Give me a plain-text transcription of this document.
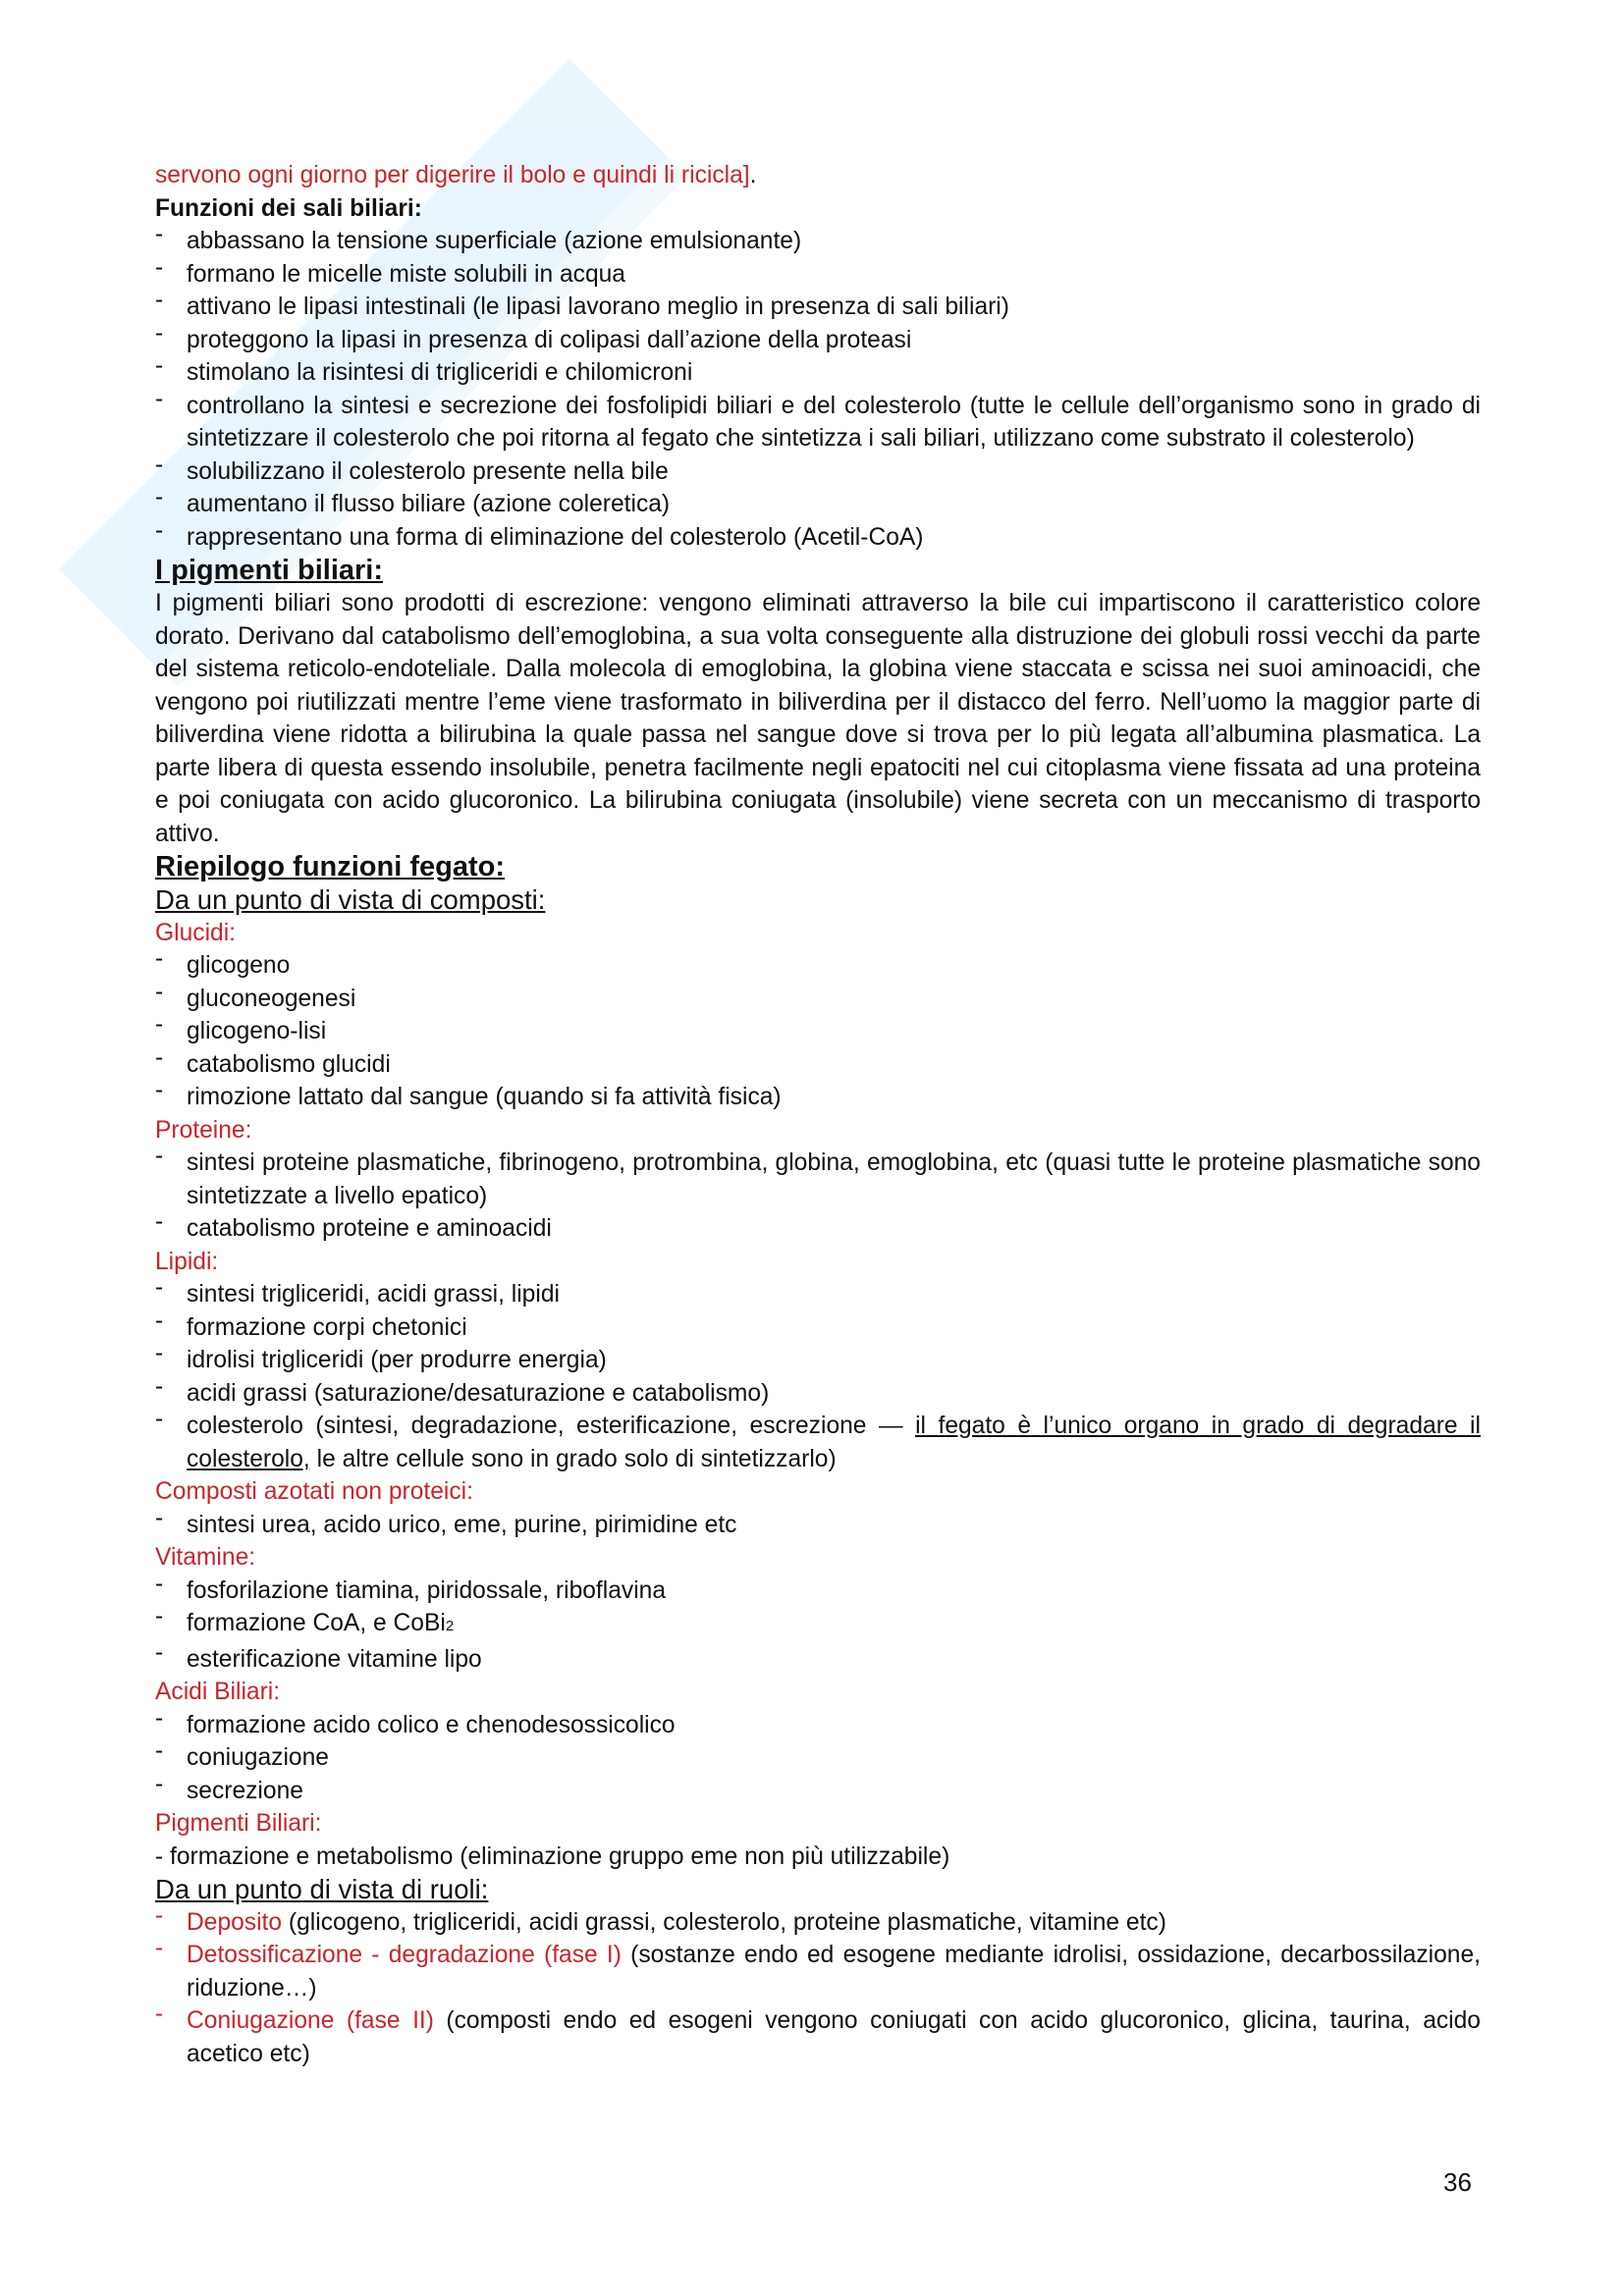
servono ogni giorno per digerire il bolo e quindi li ricicla].

Funzioni dei sali biliari:

- abbassano la tensione superficiale (azione emulsionante)
- formano le micelle miste solubili in acqua
- attivano le lipasi intestinali (le lipasi lavorano meglio in presenza di sali biliari)
- proteggono la lipasi in presenza di colipasi dall’azione della proteasi
- stimolano la risintesi di trigliceridi e chilomicroni
- controllano la sintesi e secrezione dei fosfolipidi biliari e del colesterolo (tutte le cellule dell’organismo sono in grado di sintetizzare il colesterolo che poi ritorna al fegato che sintetizza i sali biliari, utilizzano come substrato il colesterolo)
- solubilizzano il colesterolo presente nella bile
- aumentano il flusso biliare (azione coleretica)
- rappresentano una forma di eliminazione del colesterolo (Acetil-CoA)

I pigmenti biliari:

I pigmenti biliari sono prodotti di escrezione: vengono eliminati attraverso la bile cui impartiscono il caratteristico colore dorato. Derivano dal catabolismo dell’emoglobina, a sua volta conseguente alla distruzione dei globuli rossi vecchi da parte del sistema reticolo-endoteliale. Dalla molecola di emoglobina, la globina viene staccata e scissa nei suoi aminoacidi, che vengono poi riutilizzati mentre l’eme viene trasformato in biliverdina per il distacco del ferro. Nell’uomo la maggior parte di biliverdina viene ridotta a bilirubina la quale passa nel sangue dove si trova per lo più legata all’albumina plasmatica. La parte libera di questa essendo insolubile, penetra facilmente negli epatociti nel cui citoplasma viene fissata ad una proteina e poi coniugata con acido glucoronico. La bilirubina coniugata (insolubile) viene secreta con un meccanismo di trasporto attivo.

Riepilogo funzioni fegato:

Da un punto di vista di composti:

Glucidi:

- glicogeno
- gluconeogenesi
- glicogeno-lisi
- catabolismo glucidi
- rimozione lattato dal sangue (quando si fa attività fisica)

Proteine:

- sintesi proteine plasmatiche, fibrinogeno, protrombina, globina, emoglobina, etc (quasi tutte le proteine plasmatiche sono sintetizzate a livello epatico)
- catabolismo proteine e aminoacidi

Lipidi:

- sintesi trigliceridi, acidi grassi, lipidi
- formazione corpi chetonici
- idrolisi trigliceridi (per produrre energia)
- acidi grassi (saturazione/desaturazione e catabolismo)
- colesterolo (sintesi, degradazione, esterificazione, escrezione — il fegato è l’unico organo in grado di degradare il colesterolo, le altre cellule sono in grado solo di sintetizzarlo)

Composti azotati non proteici:

- sintesi urea, acido urico, eme, purine, pirimidine etc

Vitamine:

- fosforilazione tiamina, piridossale, riboflavina
- formazione CoA, e CoBi2
- esterificazione vitamine lipo

Acidi Biliari:

- formazione acido colico e chenodesossicolico
- coniugazione
- secrezione

Pigmenti Biliari:

- formazione e metabolismo (eliminazione gruppo eme non più utilizzabile)

Da un punto di vista di ruoli:

- Deposito (glicogeno, trigliceridi, acidi grassi, colesterolo, proteine plasmatiche, vitamine etc)
- Detossificazione - degradazione (fase I) (sostanze endo ed esogene mediante idrolisi, ossidazione, decarbossilazione, riduzione…)
- Coniugazione (fase II) (composti endo ed esogeni vengono coniugati con acido glucoronico, glicina, taurina, acido acetico etc)
36
